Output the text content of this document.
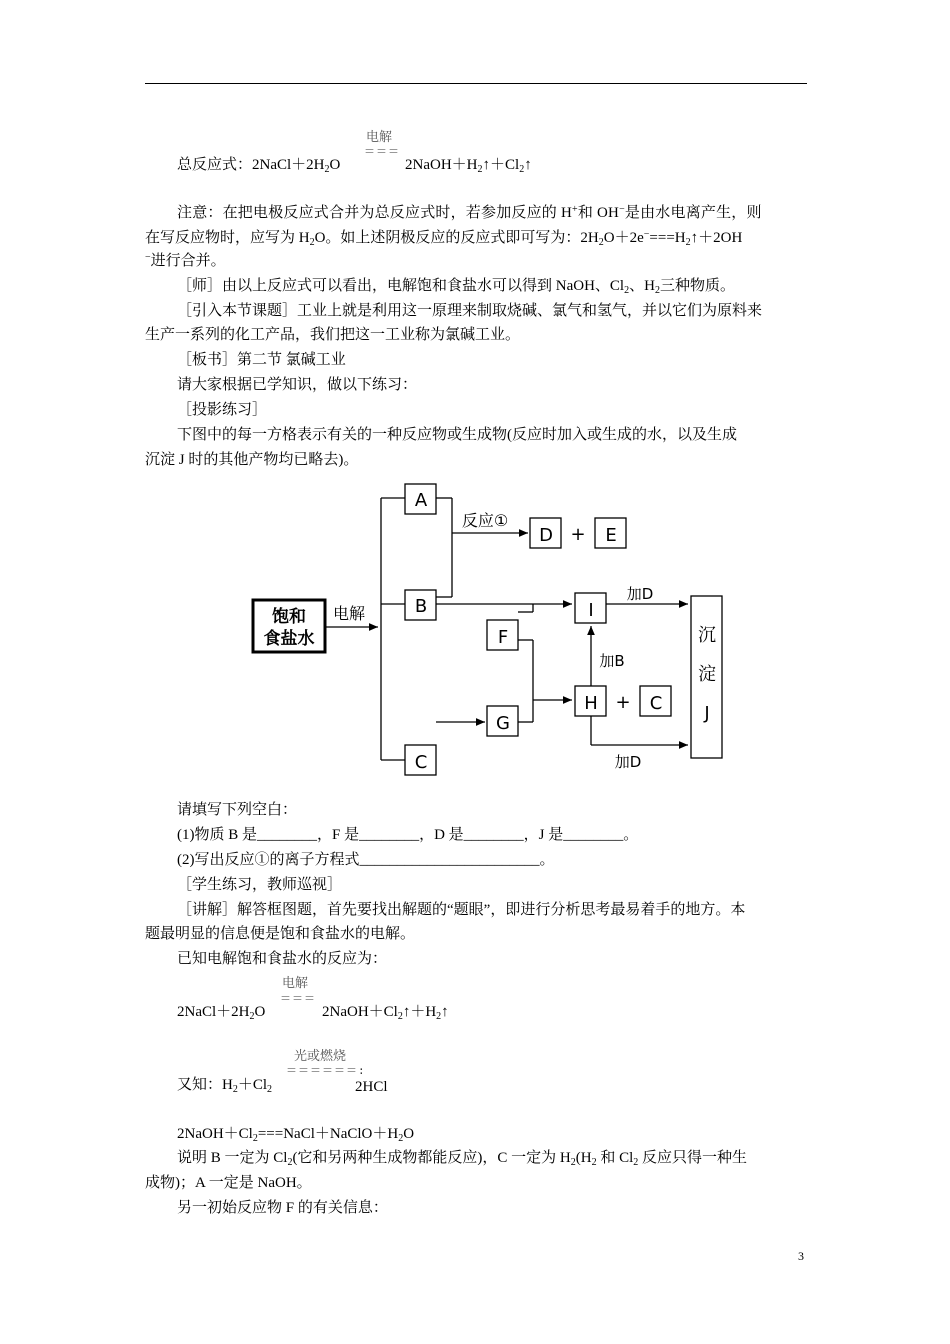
电解
＝＝＝
总反应式：$2NaCl+2H_2O$	$2NaOH+H_2↑+Cl_2↑$
注意：在把电极反应式合并为总反应式时，若参加反应的 H+和 OH−是由水电离产生，则
在写反应物时，应写为 $H_2O$。如上述阴极反应的反应式即可写为：$2H_2O+2e^-===H_2↑+2OH$
−进行合并。
［师］由以上反应式可以看出，电解饱和食盐水可以得到 NaOH、$Cl_2$、$H_2$三种物质。
［引入本节课题］工业上就是利用这一原理来制取烧碱、氯气和氢气，并以它们为原料来
生产一系列的化工产品，我们把这一工业称为氯碱工业。
［板书］第二节 氯碱工业
请大家根据已学知识，做以下练习：
［投影练习］
下图中的每一方格表示有关的一种反应物或生成物(反应时加入或生成的水，以及生成
沉淀 J 时的其他产物均已略去)。
饱和
食盐水
电解
A
B
C
反应①
D + E
F
G
I
H + C
加D
加B
加D
沉
淀
J
请填写下列空白：
(1)物质 B 是________，F 是________，D 是________，J 是________。
(2)写出反应①的离子方程式________________________。
［学生练习，教师巡视］
［讲解］解答框图题，首先要找出解题的“题眼”，即进行分析思考最易着手的地方。本
题最明显的信息便是饱和食盐水的电解。
已知电解饱和食盐水的反应为：
电解
＝＝＝
$2NaCl+2H_2O$	$2NaOH+Cl_2↑+H_2↑$
光或燃烧
＝＝＝＝＝＝:
又知：$H_2+Cl_2$	2HCl
$2NaOH+Cl_2===NaCl+NaClO+H_2O$
说明 B 一定为 $Cl_2$(它和另两种生成物都能反应)，C 一定为 $H_2(H_2$ 和 $Cl_2$ 反应只得一种生
成物)；A 一定是 NaOH。
另一初始反应物 F 的有关信息：
3
